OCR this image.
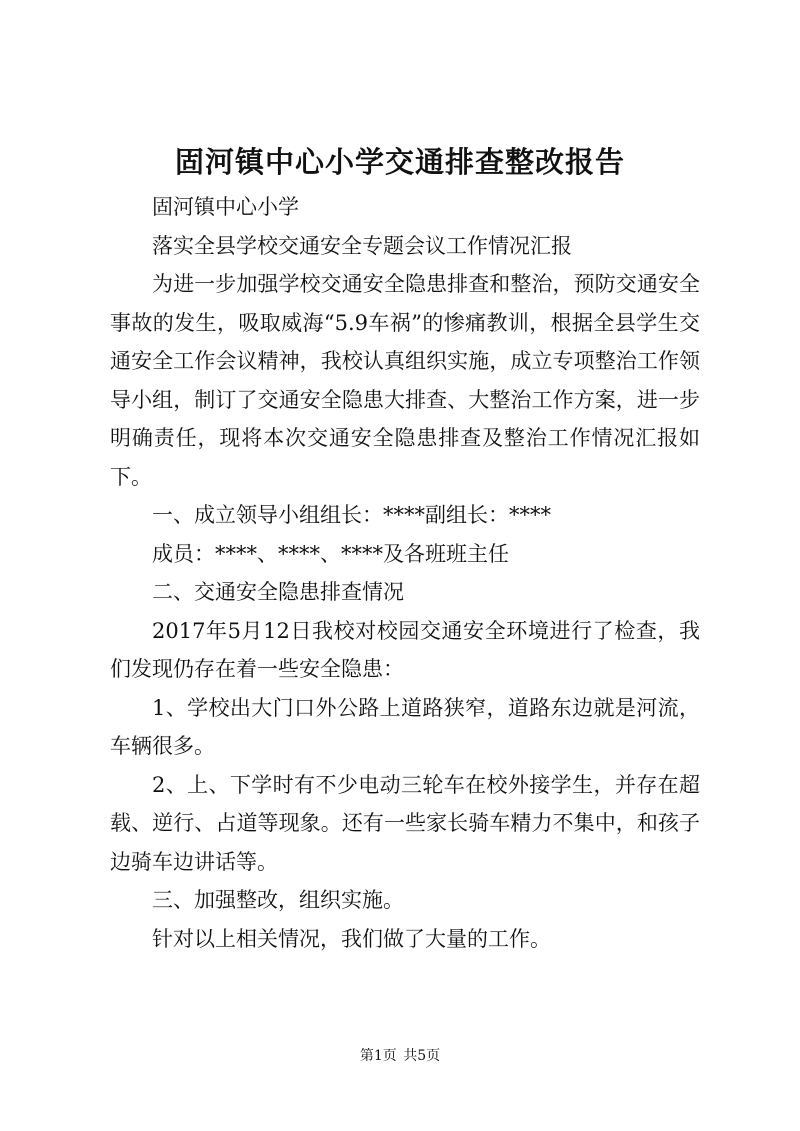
固河镇中心小学交通排查整改报告

固河镇中心小学

落实全县学校交通安全专题会议工作情况汇报

为进一步加强学校交通安全隐患排查和整治，预防交通安全事故的发生，吸取威海“5.9车祸”的惨痛教训，根据全县学生交通安全工作会议精神，我校认真组织实施，成立专项整治工作领导小组，制订了交通安全隐患大排查、大整治工作方案，进一步明确责任，现将本次交通安全隐患排查及整治工作情况汇报如下。

一、成立领导小组组长：****副组长：****

成员：****、****、****及各班班主任

二、交通安全隐患排查情况

2017年5月12日我校对校园交通安全环境进行了检查，我们发现仍存在着一些安全隐患：

1、学校出大门口外公路上道路狭窄，道路东边就是河流，车辆很多。

2、上、下学时有不少电动三轮车在校外接学生，并存在超载、逆行、占道等现象。还有一些家长骑车精力不集中，和孩子边骑车边讲话等。

三、加强整改，组织实施。

针对以上相关情况，我们做了大量的工作。

第1页 共5页
